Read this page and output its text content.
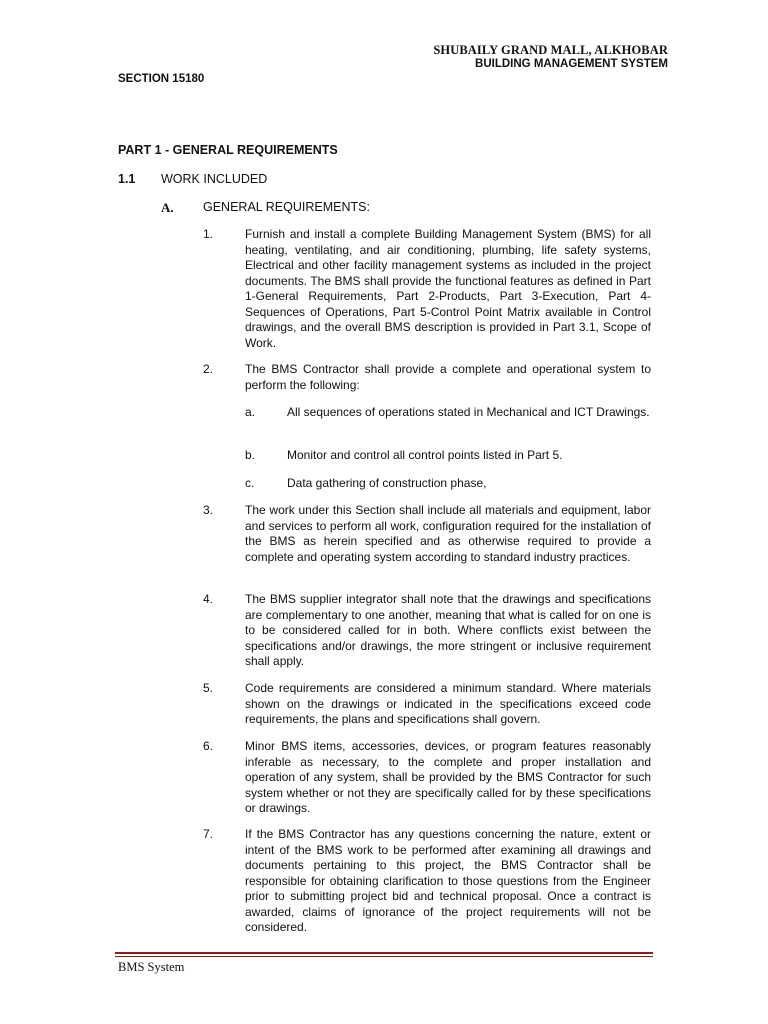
SHUBAILY GRAND MALL, ALKHOBAR
BUILDING MANAGEMENT SYSTEM
SECTION 15180
PART 1 - GENERAL REQUIREMENTS
1.1 WORK INCLUDED
A. GENERAL REQUIREMENTS:
1.	Furnish and install a complete Building Management System (BMS) for all heating, ventilating, and air conditioning, plumbing, life safety systems, Electrical and other facility management systems as included in the project documents. The BMS shall provide the functional features as defined in Part 1-General Requirements, Part 2-Products, Part 3-Execution, Part 4-Sequences of Operations, Part 5-Control Point Matrix available in Control drawings, and the overall BMS description is provided in Part 3.1, Scope of Work.
2.	The BMS Contractor shall provide a complete and operational system to perform the following:
a.	All sequences of operations stated in Mechanical and ICT Drawings.
b.	Monitor and control all control points listed in Part 5.
c.	Data gathering of construction phase,
3.	The work under this Section shall include all materials and equipment, labor and services to perform all work, configuration required for the installation of the BMS as herein specified and as otherwise required to provide a complete and operating system according to standard industry practices.
4.	The BMS supplier integrator shall note that the drawings and specifications are complementary to one another, meaning that what is called for on one is to be considered called for in both. Where conflicts exist between the specifications and/or drawings, the more stringent or inclusive requirement shall apply.
5.	Code requirements are considered a minimum standard. Where materials shown on the drawings or indicated in the specifications exceed code requirements, the plans and specifications shall govern.
6.	Minor BMS items, accessories, devices, or program features reasonably inferable as necessary, to the complete and proper installation and operation of any system, shall be provided by the BMS Contractor for such system whether or not they are specifically called for by these specifications or drawings.
7.	If the BMS Contractor has any questions concerning the nature, extent or intent of the BMS work to be performed after examining all drawings and documents pertaining to this project, the BMS Contractor shall be responsible for obtaining clarification to those questions from the Engineer prior to submitting project bid and technical proposal. Once a contract is awarded, claims of ignorance of the project requirements will not be considered.
BMS System
